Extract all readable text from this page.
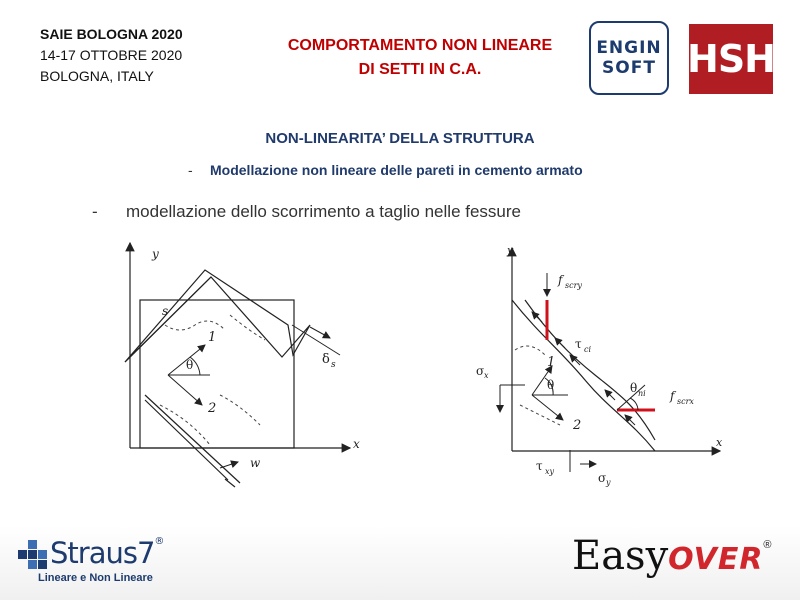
SAIE BOLOGNA 2020
14-17 OTTOBRE 2020
BOLOGNA, ITALY
COMPORTAMENTO NON LINEARE
DI SETTI IN C.A.
ENGIN
SOFT HSH
NON-LINEARITA’ DELLA STRUTTURA
- Modellazione non lineare delle pareti in cemento armato
- modellazione dello scorrimento a taglio nelle fessure
y
x
1
2
θ
s
δ s
w
y
x
f scry
τ ci
σ x
θ
1
2
θ ni f scrx
τ xy	σ y
Straus7®
Lineare e Non Lineare	EasyOVER®
